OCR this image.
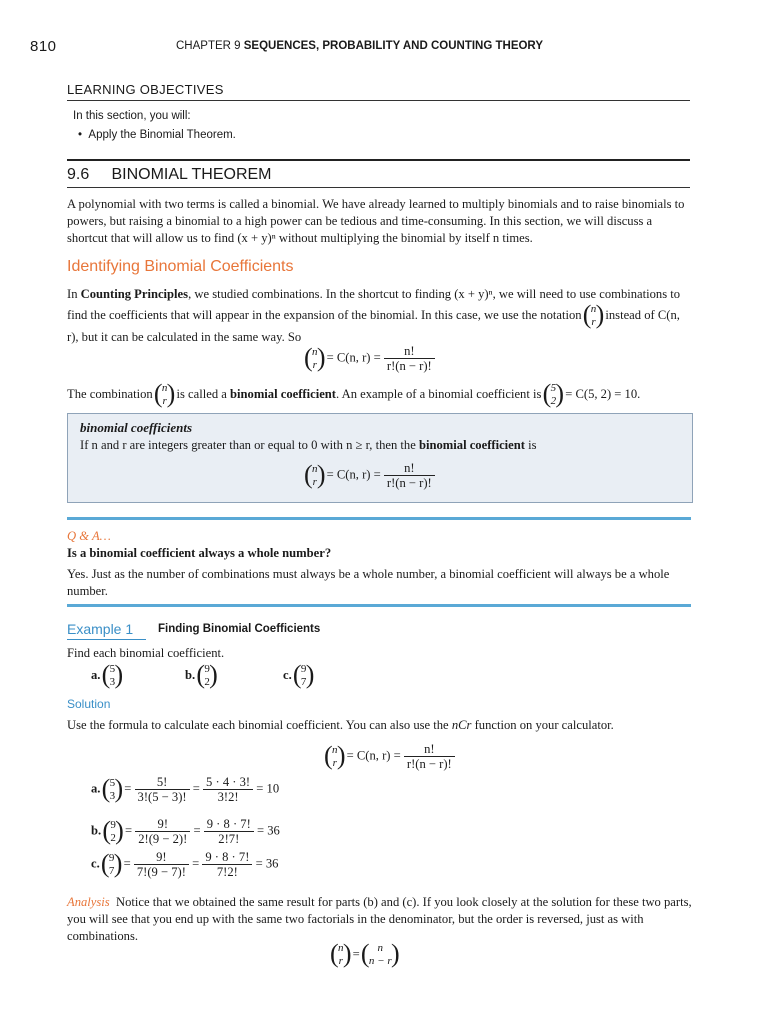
810	CHAPTER 9 SEQUENCES, PROBABILITY AND COUNTING THEORY
LEARNING OBJECTIVES
In this section, you will:
• Apply the Binomial Theorem.
9.6 BINOMIAL THEOREM
A polynomial with two terms is called a binomial. We have already learned to multiply binomials and to raise binomials to powers, but raising a binomial to a high power can be tedious and time-consuming. In this section, we will discuss a shortcut that will allow us to find (x + y)ⁿ without multiplying the binomial by itself n times.
Identifying Binomial Coefficients
In Counting Principles, we studied combinations. In the shortcut to finding (x + y)ⁿ, we will need to use combinations to find the coefficients that will appear in the expansion of the binomial. In this case, we use the notation ( n
r
) instead of C(n, r), but it can be calculated in the same way. So
( n
r
) = C(n, $r) = \frac{n!}{r!(n - r)!}$
The combination ( n
r
) is called a binomial coefficient. An example of a binomial coefficient is ( 5
2
) = C(5, 2) = 10.
binomial coefficients
If n and r are integers greater than or equal to 0 with n ≥ r, then the binomial coefficient is
( n
r
) = C(n, $r) = \frac{n!}{r!(n - r)!}$
Q & A…
Is a binomial coefficient always a whole number?
Yes. Just as the number of combinations must always be a whole number, a binomial coefficient will always be a whole number.
Example 1 Finding Binomial Coefficients
Find each binomial coefficient.
a. ( 5
3
)
b. ( 9
2
)
c. ( 9
7
)
Solution
Use the formula to calculate each binomial coefficient. You can also use the nCr function on your calculator.
( n
r
) = C(n, $r) = \frac{n!}{r!(n - r)!}$
a. ( 5
3
) = $\frac{5!}{3!(5 - 3)!} = \frac{5 \cdot 4 \cdot 3!}{3!2!} = 10$
b. ( 9
2
) = $\frac{9!}{2!(9 - 2)!} = \frac{9 \cdot 8 \cdot 7!}{2!7!} = 36$
c. ( 9
7
) = $\frac{9!}{7!(9 - 7)!} = \frac{9 \cdot 8 \cdot 7!}{7!2!} = 36$
Analysis Notice that we obtained the same result for parts (b) and (c). If you look closely at the solution for these two parts, you will see that you end up with the same two factorials in the denominator, but the order is reversed, just as with combinations.
( n
r
) =	( n
n − r
)
